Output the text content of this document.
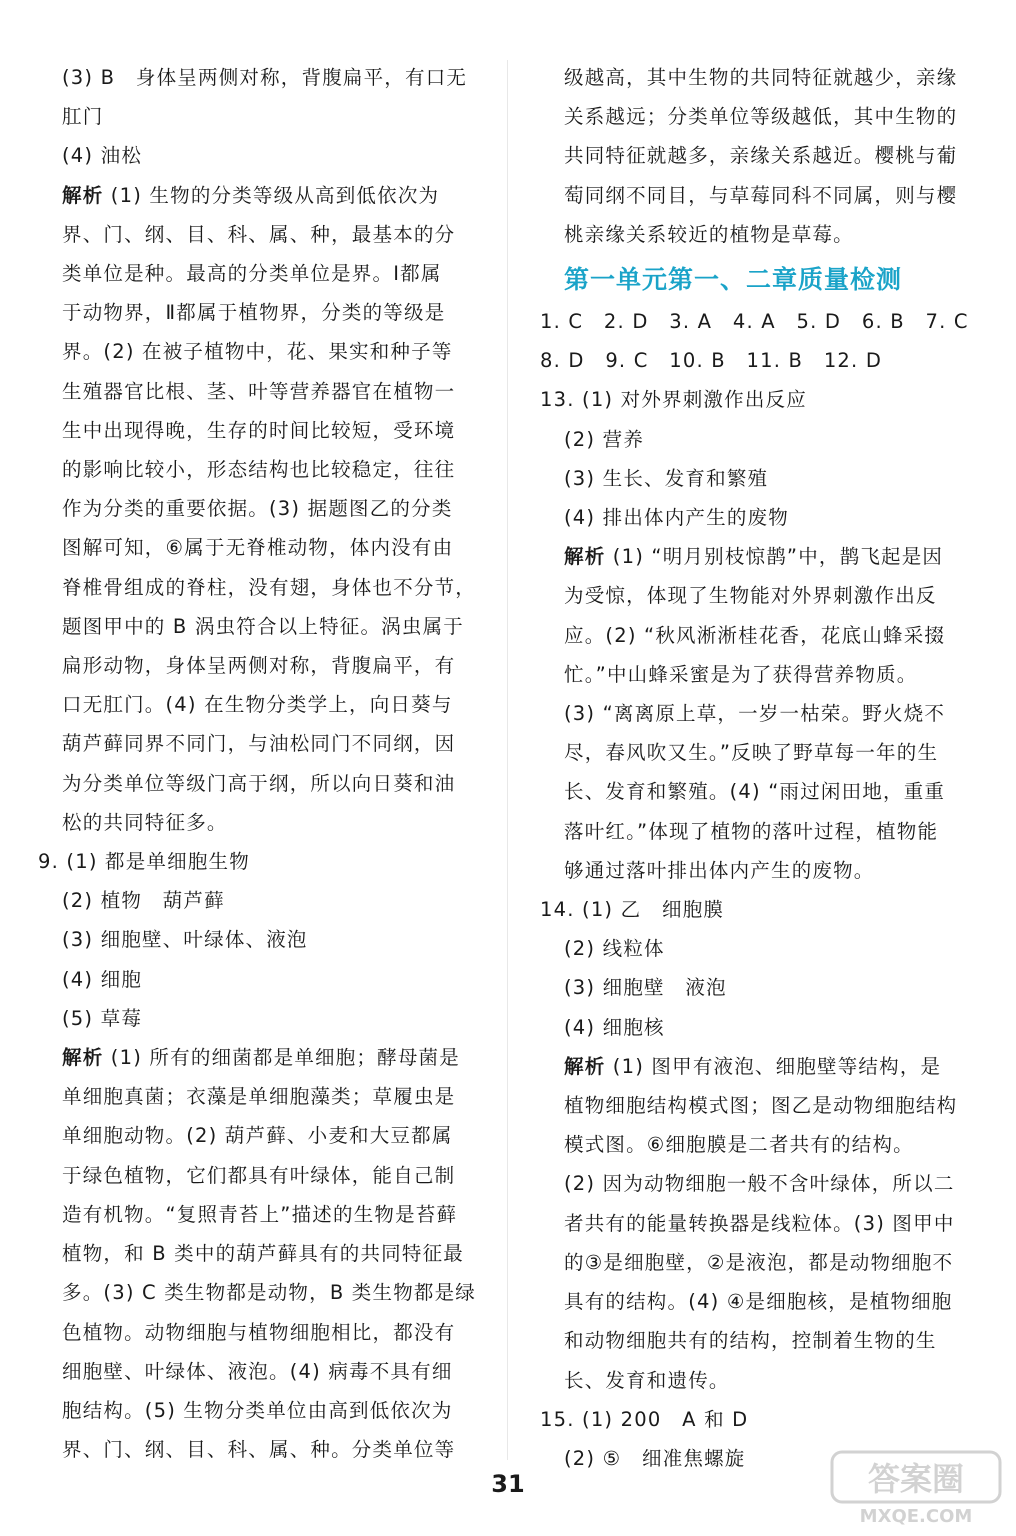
(3) B　身体呈两侧对称，背腹扁平，有口无
肛门
(4) 油松
解析 (1) 生物的分类等级从高到低依次为
界、门、纲、目、科、属、种，最基本的分
类单位是种。最高的分类单位是界。Ⅰ都属
于动物界，Ⅱ都属于植物界，分类的等级是
界。(2) 在被子植物中，花、果实和种子等
生殖器官比根、茎、叶等营养器官在植物一
生中出现得晚，生存的时间比较短，受环境
的影响比较小，形态结构也比较稳定，往往
作为分类的重要依据。(3) 据题图乙的分类
图解可知，⑥属于无脊椎动物，体内没有由
脊椎骨组成的脊柱，没有翅，身体也不分节，
题图甲中的 B 涡虫符合以上特征。涡虫属于
扁形动物，身体呈两侧对称，背腹扁平，有
口无肛门。(4) 在生物分类学上，向日葵与
葫芦藓同界不同门，与油松同门不同纲，因
为分类单位等级门高于纲，所以向日葵和油
松的共同特征多。
9. (1) 都是单细胞生物
(2) 植物　葫芦藓
(3) 细胞壁、叶绿体、液泡
(4) 细胞
(5) 草莓
解析 (1) 所有的细菌都是单细胞；酵母菌是
单细胞真菌；衣藻是单细胞藻类；草履虫是
单细胞动物。(2) 葫芦藓、小麦和大豆都属
于绿色植物，它们都具有叶绿体，能自己制
造有机物。“复照青苔上”描述的生物是苔藓
植物，和 B 类中的葫芦藓具有的共同特征最
多。(3) C 类生物都是动物，B 类生物都是绿
色植物。动物细胞与植物细胞相比，都没有
细胞壁、叶绿体、液泡。(4) 病毒不具有细
胞结构。(5) 生物分类单位由高到低依次为
界、门、纲、目、科、属、种。分类单位等
级越高，其中生物的共同特征就越少，亲缘
关系越远；分类单位等级越低，其中生物的
共同特征就越多，亲缘关系越近。樱桃与葡
萄同纲不同目，与草莓同科不同属，则与樱
桃亲缘关系较近的植物是草莓。
第一单元第一、二章质量检测
1. C　2. D　3. A　4. A　5. D　6. B　7. C
8. D　9. C　10. B　11. B　12. D
13. (1) 对外界刺激作出反应
(2) 营养
(3) 生长、发育和繁殖
(4) 排出体内产生的废物
解析 (1) “明月别枝惊鹊”中，鹊飞起是因
为受惊，体现了生物能对外界刺激作出反
应。(2) “秋风淅淅桂花香，花底山蜂采掇
忙。”中山蜂采蜜是为了获得营养物质。
(3) “离离原上草，一岁一枯荣。野火烧不
尽，春风吹又生。”反映了野草每一年的生
长、发育和繁殖。(4) “雨过闲田地，重重
落叶红。”体现了植物的落叶过程，植物能
够通过落叶排出体内产生的废物。
14. (1) 乙　细胞膜
(2) 线粒体
(3) 细胞壁　液泡
(4) 细胞核
解析 (1) 图甲有液泡、细胞壁等结构，是
植物细胞结构模式图；图乙是动物细胞结构
模式图。⑥细胞膜是二者共有的结构。
(2) 因为动物细胞一般不含叶绿体，所以二
者共有的能量转换器是线粒体。(3) 图甲中
的③是细胞壁，②是液泡，都是动物细胞不
具有的结构。(4) ④是细胞核，是植物细胞
和动物细胞共有的结构，控制着生物的生
长、发育和遗传。
15. (1) 200　A 和 D
(2) ⑤　细准焦螺旋
31	答案圈
MXQE.COM
